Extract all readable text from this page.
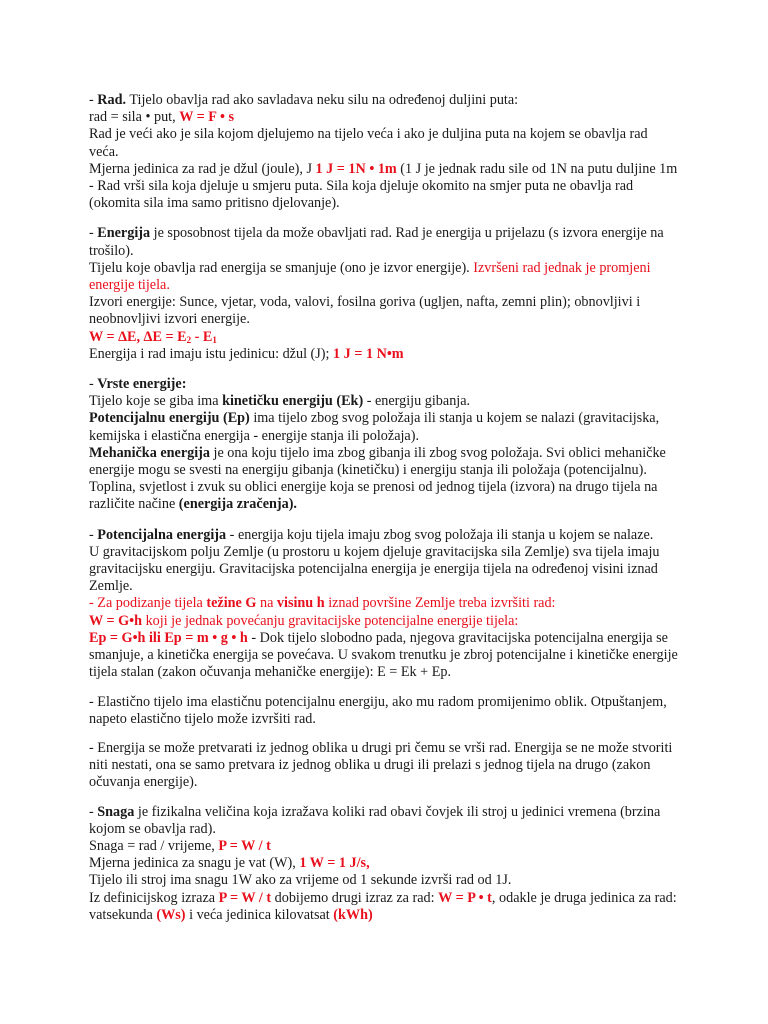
- Rad. Tijelo obavlja rad ako savladava neku silu na određenoj duljini puta:
rad = sila • put, W = F • s
Rad je veći ako je sila kojom djelujemo na tijelo veća i ako je duljina puta na kojem se obavlja rad veća.
Mjerna jedinica za rad je džul (joule), J 1 J = 1N • 1m (1 J je jednak radu sile od 1N na putu duljine 1m
- Rad vrši sila koja djeluje u smjeru puta. Sila koja djeluje okomito na smjer puta ne obavlja rad (okomita sila ima samo pritisno djelovanje).
- Energija je sposobnost tijela da može obavljati rad. Rad je energija u prijelazu (s izvora energije na trošilo).
Tijelu koje obavlja rad energija se smanjuje (ono je izvor energije). Izvršeni rad jednak je promjeni energije tijela.
Izvori energije: Sunce, vjetar, voda, valovi, fosilna goriva (ugljen, nafta, zemni plin); obnovljivi i neobnovljivi izvori energije.
W = ΔE, $\Delta E = E_2 - E_1$
Energija i rad imaju istu jedinicu: džul (J); 1 J = 1 N•m
- Vrste energije:
Tijelo koje se giba ima kinetičku energiju (Ek) - energiju gibanja.
Potencijalnu energiju (Ep) ima tijelo zbog svog položaja ili stanja u kojem se nalazi (gravitacijska, kemijska i elastična energija - energije stanja ili položaja).
Mehanička energija je ona koju tijelo ima zbog gibanja ili zbog svog položaja. Svi oblici mehaničke energije mogu se svesti na energiju gibanja (kinetičku) i energiju stanja ili položaja (potencijalnu).
Toplina, svjetlost i zvuk su oblici energije koja se prenosi od jednog tijela (izvora) na drugo tijela na različite načine (energija zračenja).
- Potencijalna energija - energija koju tijela imaju zbog svog položaja ili stanja u kojem se nalaze.
U gravitacijskom polju Zemlje (u prostoru u kojem djeluje gravitacijska sila Zemlje) sva tijela imaju gravitacijsku energiju. Gravitacijska potencijalna energija je energija tijela na određenoj visini iznad Zemlje.
- Za podizanje tijela težine G na visinu h iznad površine Zemlje treba izvršiti rad:
W = G•h koji je jednak povećanju gravitacijske potencijalne energije tijela:
Ep = G•h ili Ep = m • g • h - Dok tijelo slobodno pada, njegova gravitacijska potencijalna energija se smanjuje, a kinetička energija se povećava. U svakom trenutku je zbroj potencijalne i kinetičke energije tijela stalan (zakon očuvanja mehaničke energije): E = Ek + Ep.
- Elastično tijelo ima elastičnu potencijalnu energiju, ako mu radom promijenimo oblik. Otpuštanjem, napeto elastično tijelo može izvršiti rad.
- Energija se može pretvarati iz jednog oblika u drugi pri čemu se vrši rad. Energija se ne može stvoriti niti nestati, ona se samo pretvara iz jednog oblika u drugi ili prelazi s jednog tijela na drugo (zakon očuvanja energije).
- Snaga je fizikalna veličina koja izražava koliki rad obavi čovjek ili stroj u jedinici vremena (brzina kojom se obavlja rad).
Snaga = rad / vrijeme, P = W / t
Mjerna jedinica za snagu je vat (W), 1 W = 1 J/s,
Tijelo ili stroj ima snagu 1W ako za vrijeme od 1 sekunde izvrši rad od 1J.
Iz definicijskog izraza P = W / t dobijemo drugi izraz za rad: W = P • t, odakle je druga jedinica za rad: vatsekunda (Ws) i veća jedinica kilovatsat (kWh)
